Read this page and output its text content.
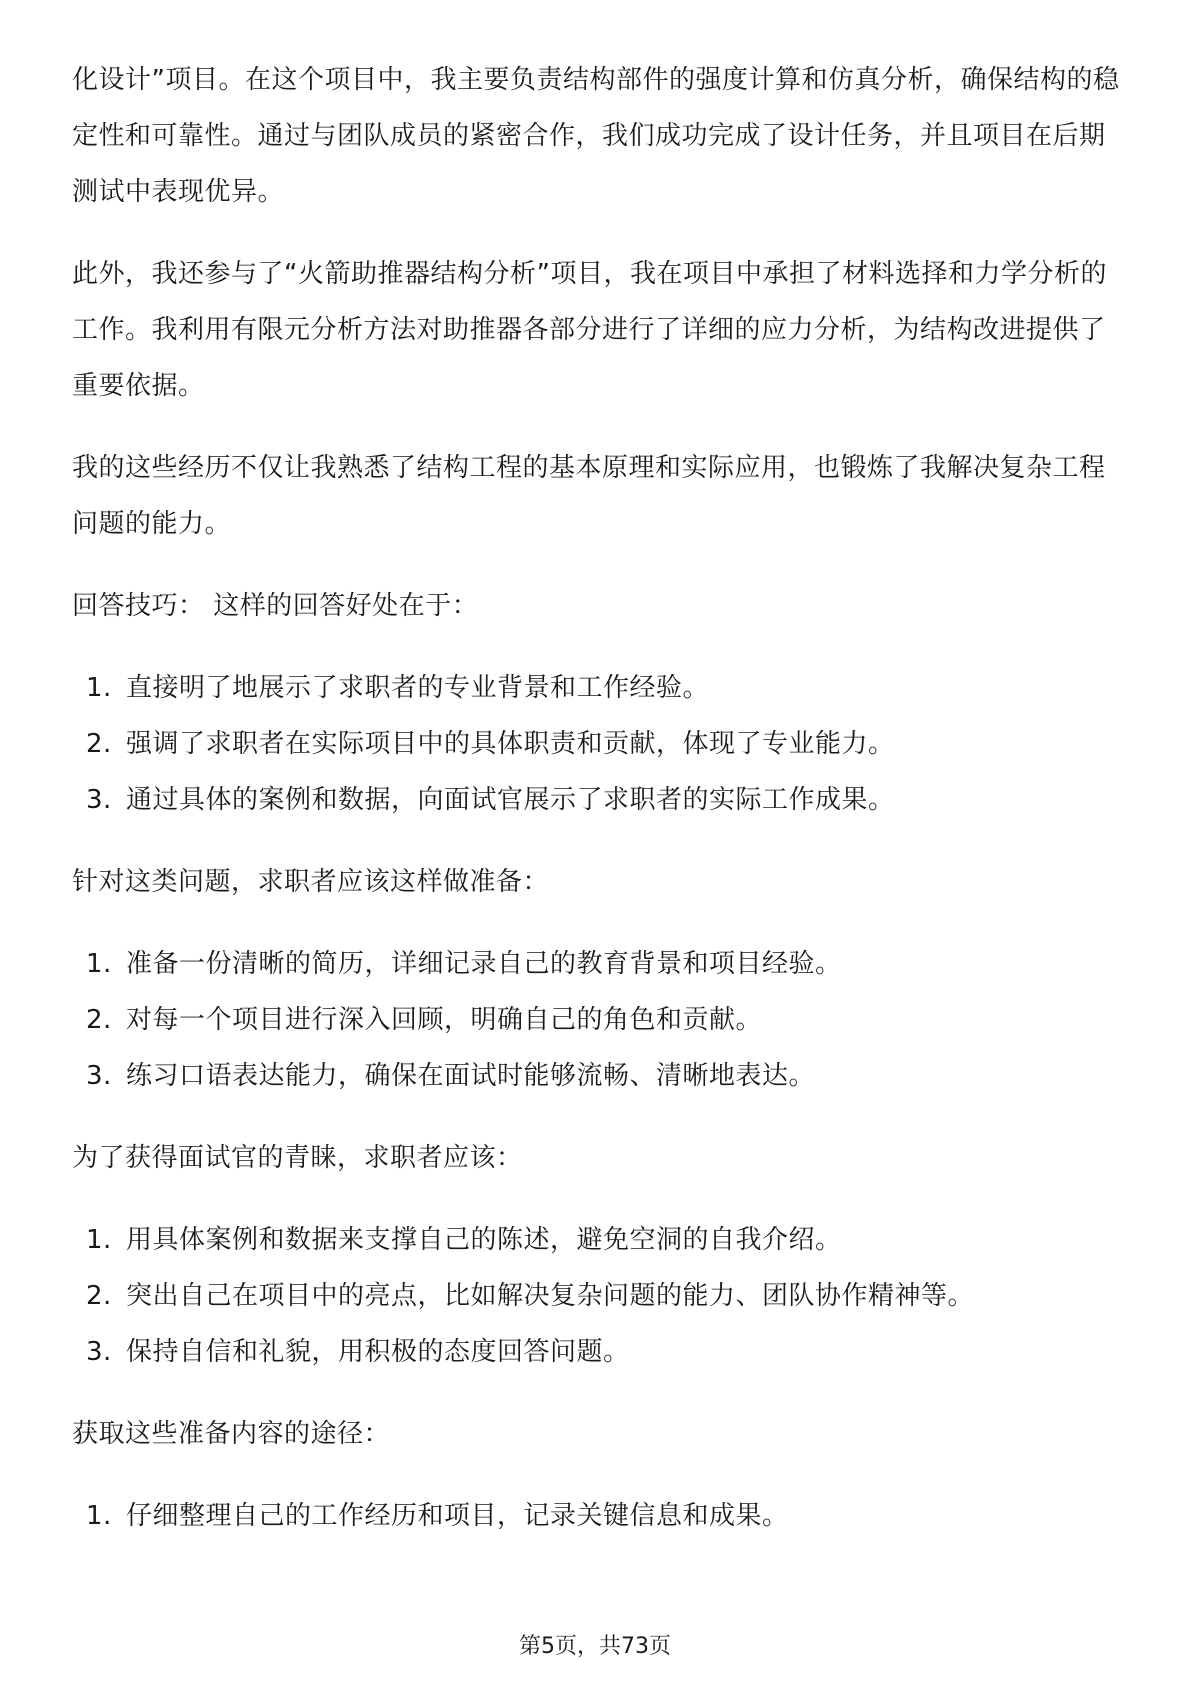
化设计”项目。在这个项目中，我主要负责结构部件的强度计算和仿真分析，确保结构的稳定性和可靠性。通过与团队成员的紧密合作，我们成功完成了设计任务，并且项目在后期测试中表现优异。

此外，我还参与了“火箭助推器结构分析”项目，我在项目中承担了材料选择和力学分析的工作。我利用有限元分析方法对助推器各部分进行了详细的应力分析，为结构改进提供了重要依据。

我的这些经历不仅让我熟悉了结构工程的基本原理和实际应用，也锻炼了我解决复杂工程问题的能力。

回答技巧： 这样的回答好处在于：

1. 直接明了地展示了求职者的专业背景和工作经验。
2. 强调了求职者在实际项目中的具体职责和贡献，体现了专业能力。
3. 通过具体的案例和数据，向面试官展示了求职者的实际工作成果。

针对这类问题，求职者应该这样做准备：

1. 准备一份清晰的简历，详细记录自己的教育背景和项目经验。
2. 对每一个项目进行深入回顾，明确自己的角色和贡献。
3. 练习口语表达能力，确保在面试时能够流畅、清晰地表达。

为了获得面试官的青睐，求职者应该：

1. 用具体案例和数据来支撑自己的陈述，避免空洞的自我介绍。
2. 突出自己在项目中的亮点，比如解决复杂问题的能力、团队协作精神等。
3. 保持自信和礼貌，用积极的态度回答问题。

获取这些准备内容的途径：

1. 仔细整理自己的工作经历和项目，记录关键信息和成果。
第5页，共73页
